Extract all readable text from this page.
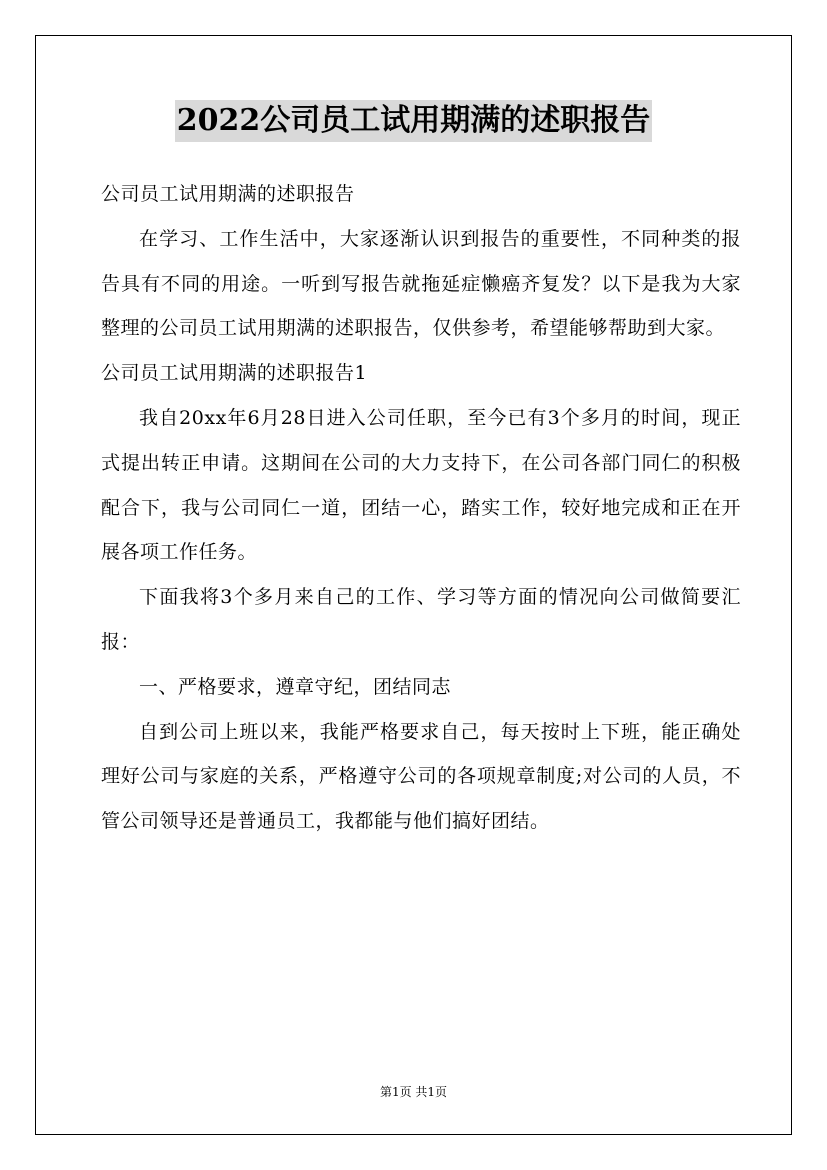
2022公司员工试用期满的述职报告

公司员工试用期满的述职报告

在学习、工作生活中，大家逐渐认识到报告的重要性，不同种类的报告具有不同的用途。一听到写报告就拖延症懒癌齐复发？以下是我为大家整理的公司员工试用期满的述职报告，仅供参考，希望能够帮助到大家。

公司员工试用期满的述职报告1

我自20xx年6月28日进入公司任职，至今已有3个多月的时间，现正式提出转正申请。这期间在公司的大力支持下，在公司各部门同仁的积极配合下，我与公司同仁一道，团结一心，踏实工作，较好地完成和正在开展各项工作任务。

下面我将3个多月来自己的工作、学习等方面的情况向公司做简要汇报：

一、严格要求，遵章守纪，团结同志

自到公司上班以来，我能严格要求自己，每天按时上下班，能正确处理好公司与家庭的关系，严格遵守公司的各项规章制度;对公司的人员，不管公司领导还是普通员工，我都能与他们搞好团结。

第1页 共1页
